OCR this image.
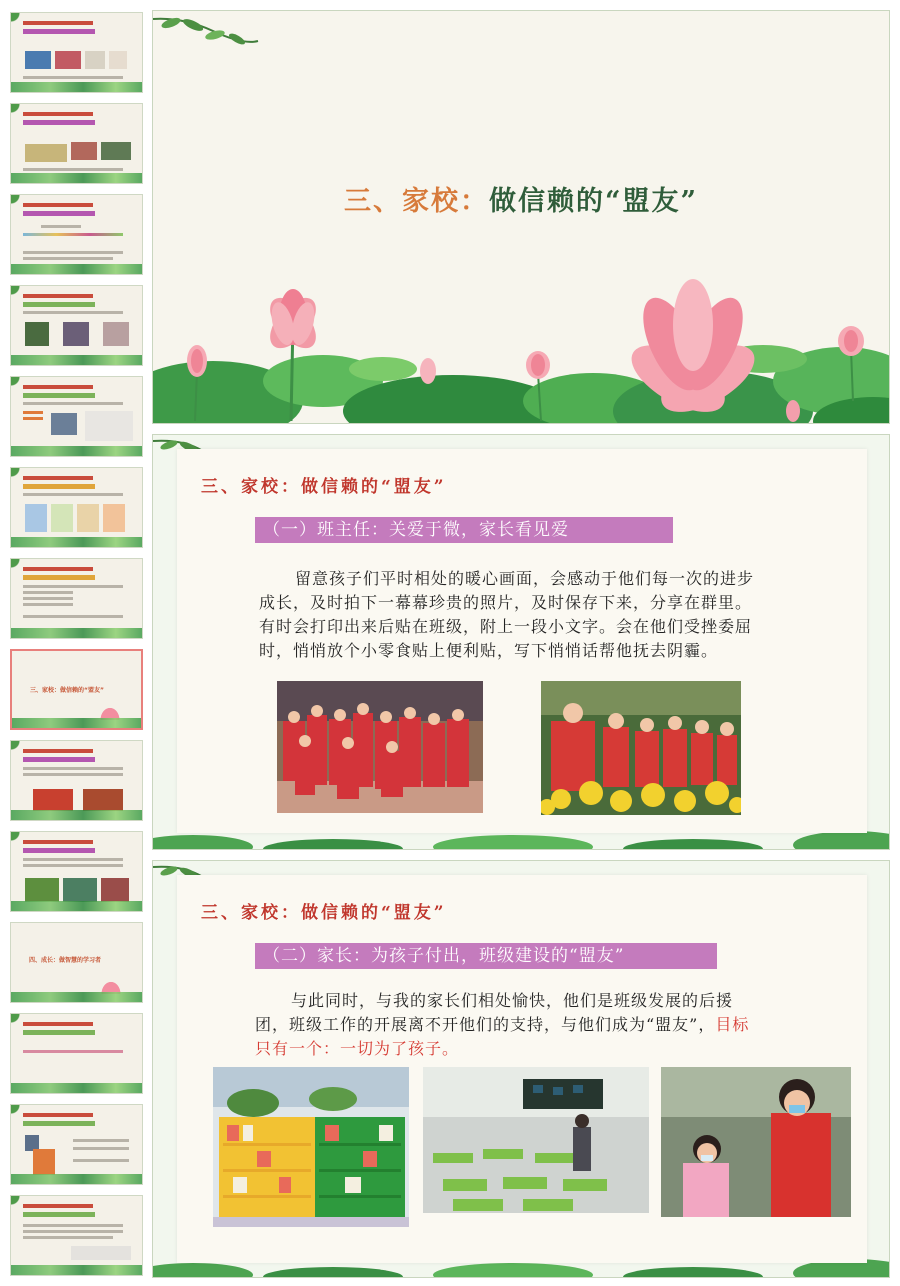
三、家校：做信赖的“盟友”
四、成长：做智慧的学习者
三、家校：做信赖的“盟友”
三、家校：做信赖的“盟友”
（一）班主任：关爱于微，家长看见爱
留意孩子们平时相处的暖心画面，会感动于他们每一次的进步成长，及时拍下一幕幕珍贵的照片，及时保存下来，分享在群里。有时会打印出来后贴在班级，附上一段小文字。会在他们受挫委屈时，悄悄放个小零食贴上便利贴，写下悄悄话帮他抚去阴霾。
三、家校：做信赖的“盟友”
（二）家长：为孩子付出，班级建设的“盟友”
与此同时，与我的家长们相处愉快，他们是班级发展的后援团，班级工作的开展离不开他们的支持，与他们成为“盟友”，目标只有一个：一切为了孩子。
